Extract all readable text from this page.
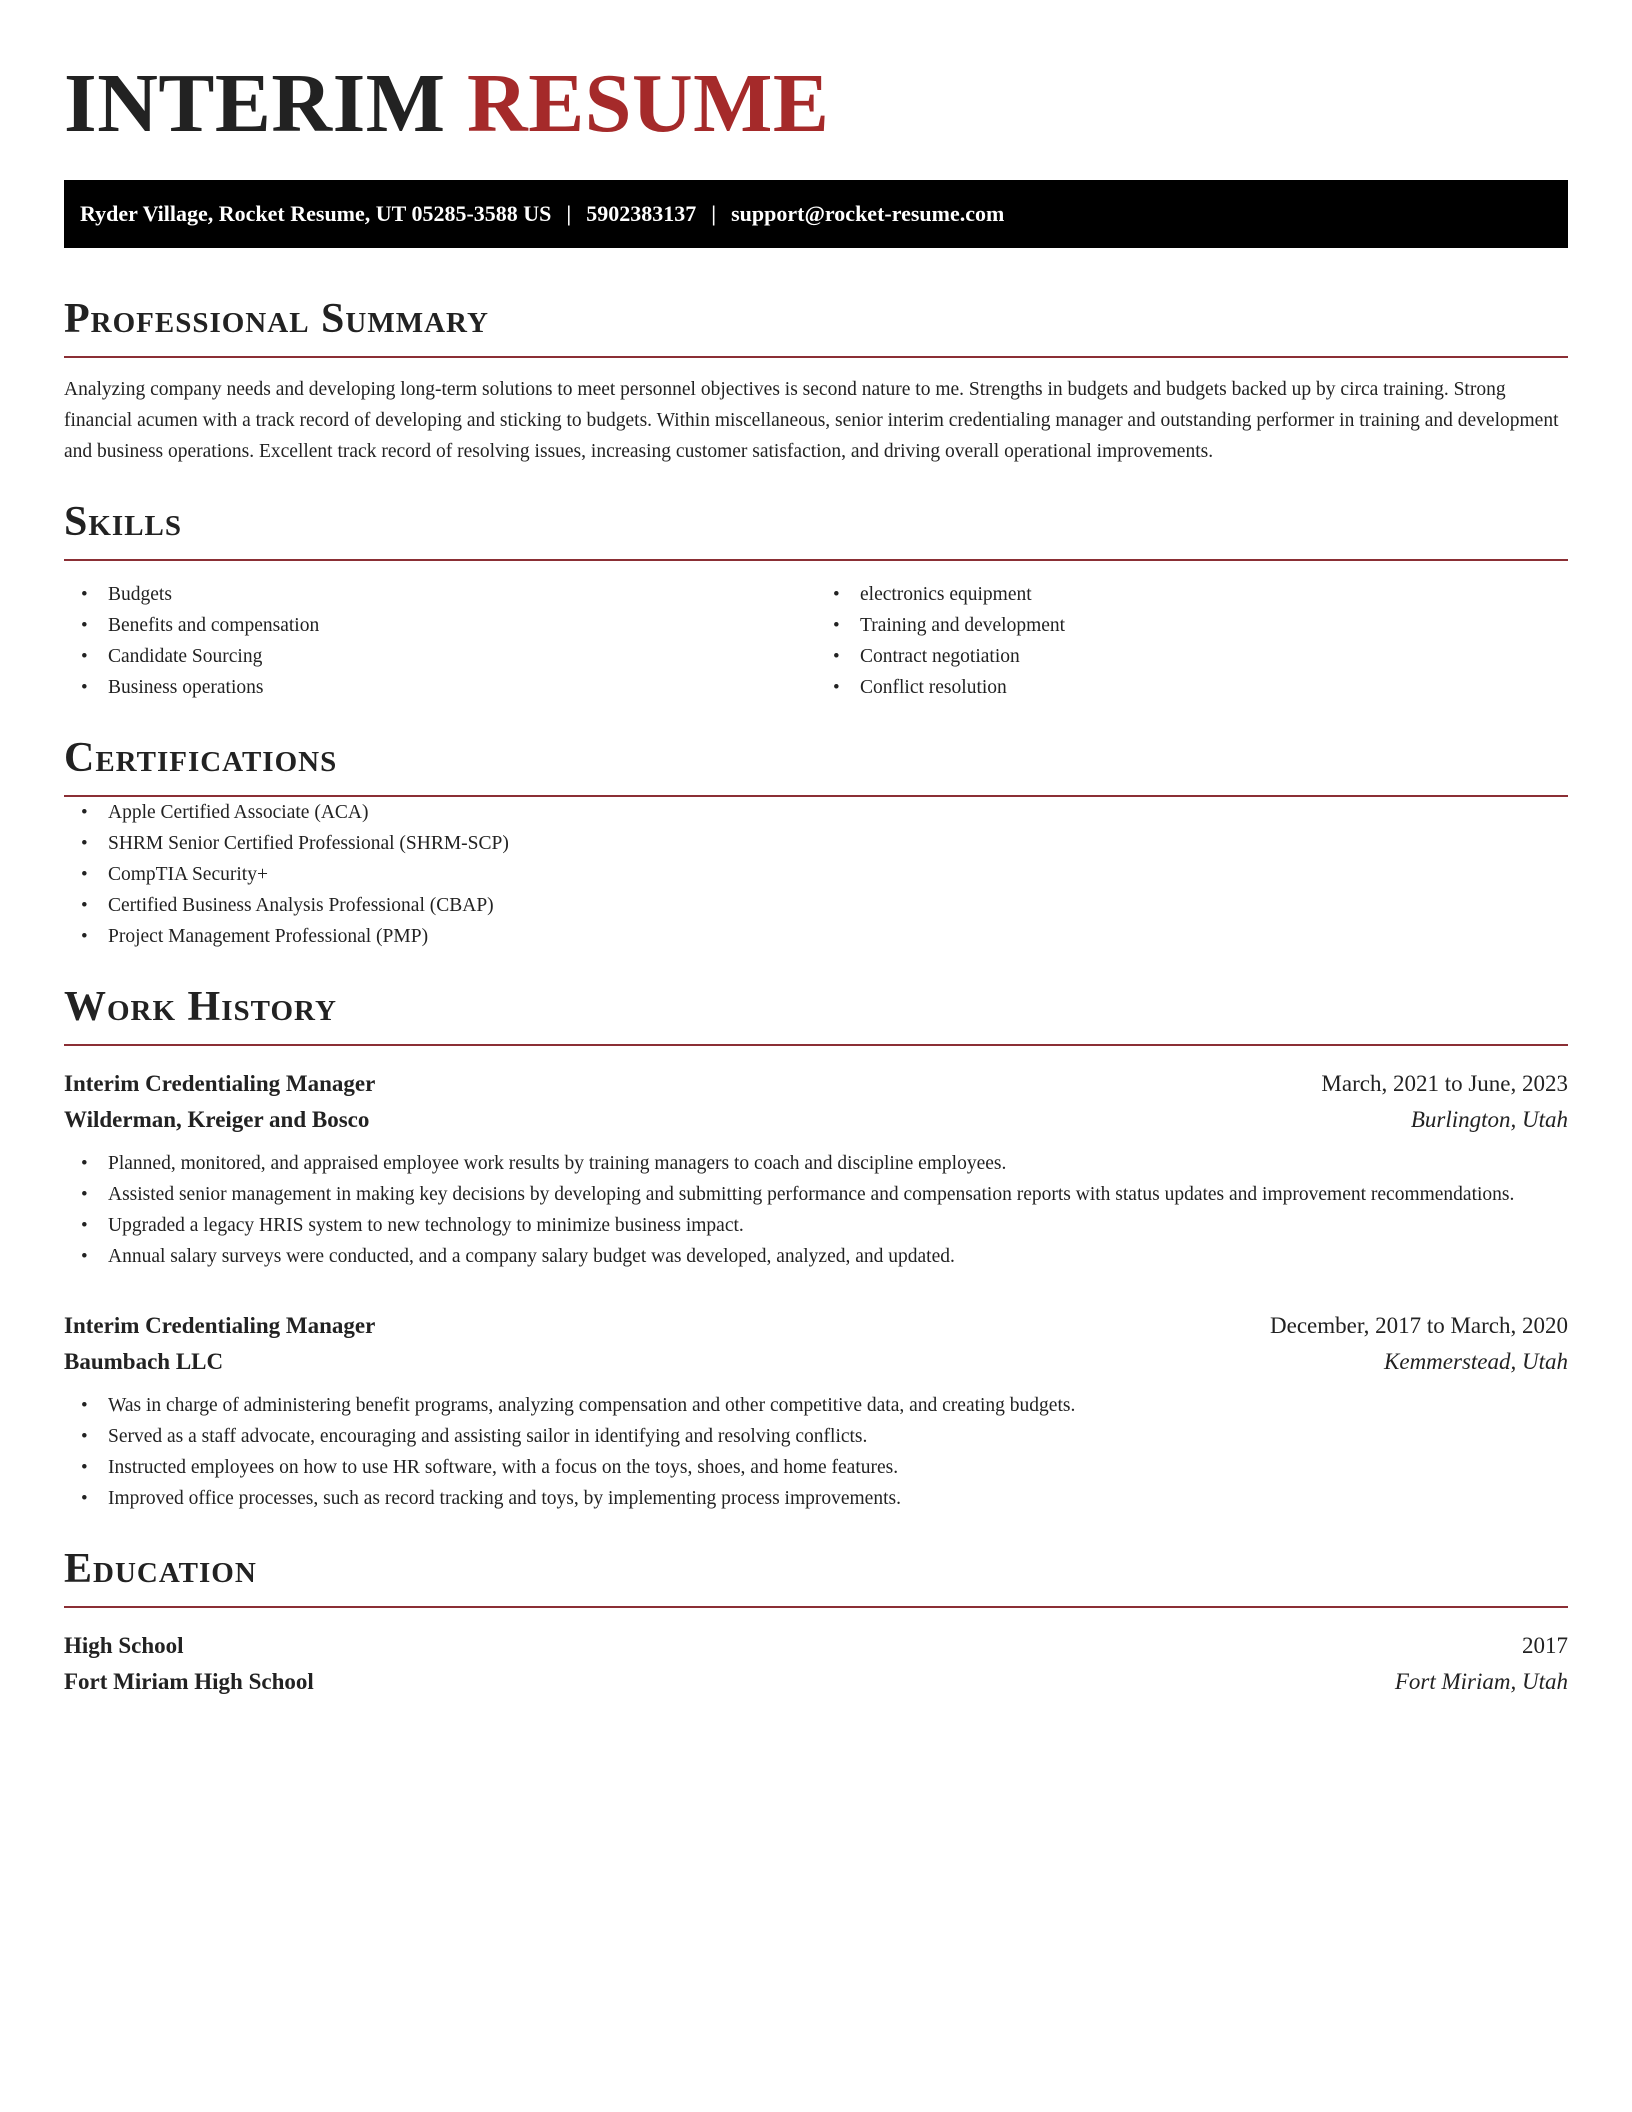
INTERIM RESUME
Ryder Village, Rocket Resume, UT 05285-3588 US | 5902383137 | support@rocket-resume.com
Professional Summary

Analyzing company needs and developing long-term solutions to meet personnel objectives is second nature to me. Strengths in budgets and budgets backed up by circa training. Strong financial acumen with a track record of developing and sticking to budgets. Within miscellaneous, senior interim credentialing manager and outstanding performer in training and development and business operations. Excellent track record of resolving issues, increasing customer satisfaction, and driving overall operational improvements.

Skills
• Budgets
• Benefits and compensation
• Candidate Sourcing
• Business operations
• electronics equipment
• Training and development
• Contract negotiation
• Conflict resolution
Certifications
• Apple Certified Associate (ACA)
• SHRM Senior Certified Professional (SHRM-SCP)
• CompTIA Security+
• Certified Business Analysis Professional (CBAP)
• Project Management Professional (PMP)
Work History
Interim Credentialing Manager	March, 2021 to June, 2023
Wilderman, Kreiger and Bosco	Burlington, Utah
• Planned, monitored, and appraised employee work results by training managers to coach and discipline employees.
• Assisted senior management in making key decisions by developing and submitting performance and compensation reports with status updates and improvement recommendations.
• Upgraded a legacy HRIS system to new technology to minimize business impact.
• Annual salary surveys were conducted, and a company salary budget was developed, analyzed, and updated.
Interim Credentialing Manager	December, 2017 to March, 2020
Baumbach LLC	Kemmerstead, Utah
• Was in charge of administering benefit programs, analyzing compensation and other competitive data, and creating budgets.
• Served as a staff advocate, encouraging and assisting sailor in identifying and resolving conflicts.
• Instructed employees on how to use HR software, with a focus on the toys, shoes, and home features.
• Improved office processes, such as record tracking and toys, by implementing process improvements.
Education
High School	2017
Fort Miriam High School	Fort Miriam, Utah
